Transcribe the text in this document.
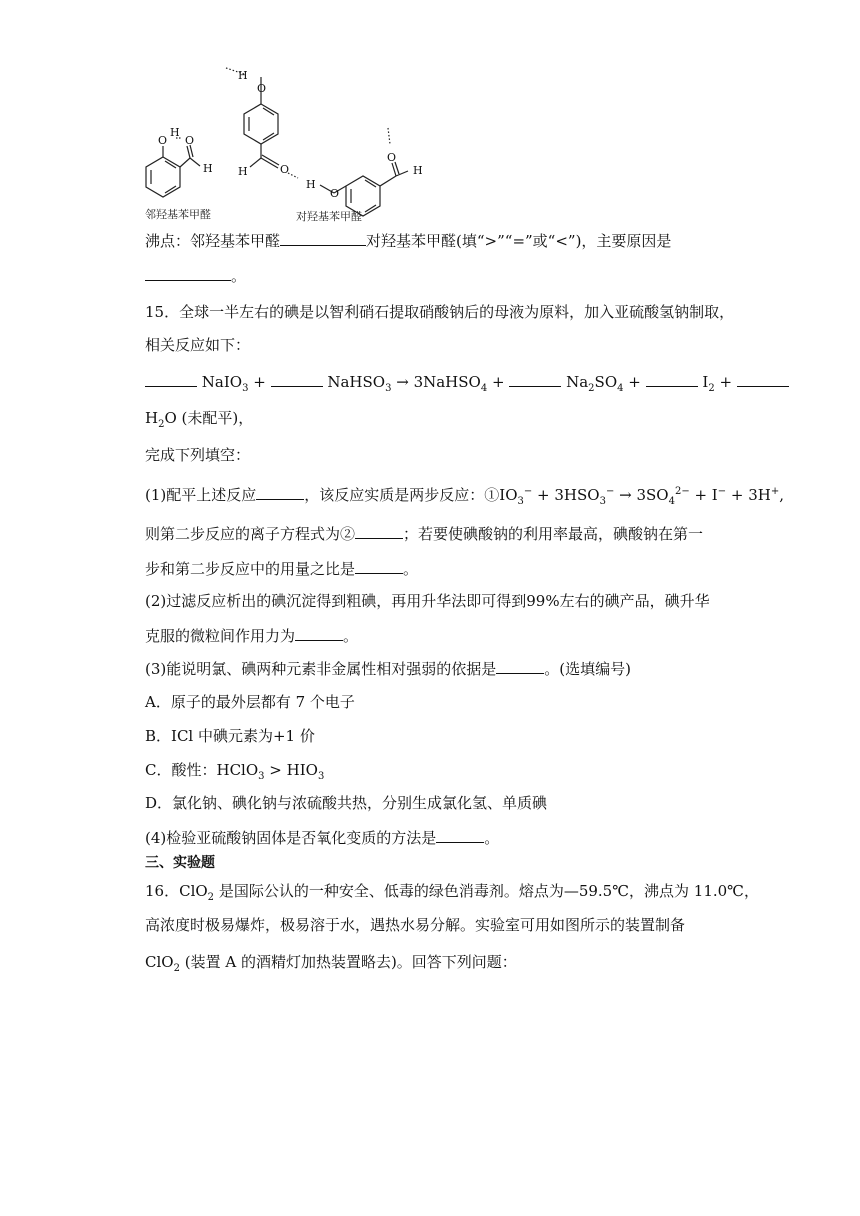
O
H
O
H
H
O
H	O
H
O
O
H
邻羟基苯甲醛	对羟基苯甲醛
沸点：邻羟基苯甲醛	对羟基苯甲醛(填“>”“=”或“<”)，主要原因是
。
15．全球一半左右的碘是以智利硝石提取硝酸钠后的母液为原料，加入亚硫酸氢钠制取，
相关反应如下：
NaIO$_3$ +	NaHSO$_3$ → 3NaHSO$_4$ +	$Na_2SO_4$ +	$I_2$ +
$H_2O$ (未配平)，
完成下列填空：
(1)配平上述反应	，该反应实质是两步反应：$①IO_3^- + 3HSO_3^- \to 3SO_4^{2-} + I^- + 3H^+$,
则第二步反应的离子方程式为②	；若要使碘酸钠的利用率最高，碘酸钠在第一
步和第二步反应中的用量之比是	。
(2)过滤反应析出的碘沉淀得到粗碘，再用升华法即可得到99%左右的碘产品，碘升华
克服的微粒间作用力为	。
(3)能说明氯、碘两种元素非金属性相对强弱的依据是	。(选填编号)
A．原子的最外层都有 7 个电子
B．ICl 中碘元素为+1 价
C．酸性：HClO$_3$ > $HIO_3$
D．氯化钠、碘化钠与浓硫酸共热，分别生成氯化氢、单质碘
(4)检验亚硫酸钠固体是否氧化变质的方法是	。
三、实验题
16．ClO$_2$ 是国际公认的一种安全、低毒的绿色消毒剂。熔点为—59.5℃，沸点为 11.0℃，
高浓度时极易爆炸，极易溶于水，遇热水易分解。实验室可用如图所示的装置制备
ClO$_2$ (装置 A 的酒精灯加热装置略去)。回答下列问题：
